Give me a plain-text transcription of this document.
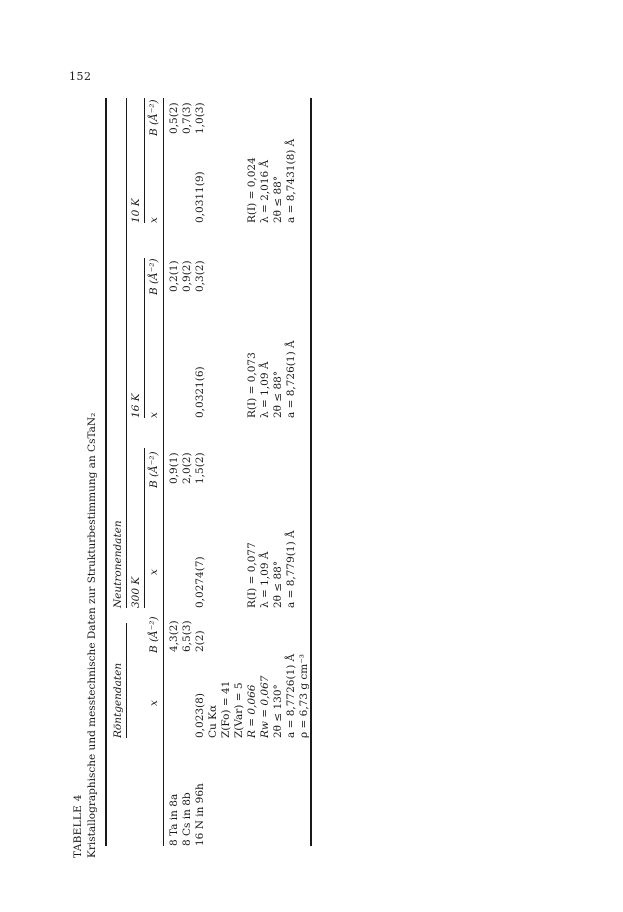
152
TABELLE 4 Kristallographische und messtechnische Daten zur Strukturbestimmung an CsTaN₂ Röntgendaten
Neutronendaten 300 K
16 K
10 K
x
B (Å⁻²)
x
B (Å⁻²)
x
B (Å⁻²)
x
B (Å⁻²)
8 Ta in 8a
4,3(2)
0,9(1)
0,2(1)
0,5(2)
8 Cs in 8b
6,5(3)
2,0(2)
0,9(2)
0,7(3)
16 N in 96h
0,023(8)
2(2)
0,0274(7)
1,5(2)
0,0321(6)
0,3(2)
0,0311(9)
1,0(3)
Cu Kα Z(Fo) = 41 Z(Var) = 5 R = 0,066 Rw = 0,067 2θ ≤ 130° a = 8,7726(1) Å ρ = 6,73 g cm⁻³
R(I) = 0,077 λ = 1,09 Å 2θ ≤ 88° a = 8,779(1) Å
R(I) = 0,073 λ = 1,09 Å 2θ ≤ 88° a = 8,726(1) Å
R(I) = 0,024 λ = 2,016 Å 2θ ≤ 88° a = 8,7431(8) Å
